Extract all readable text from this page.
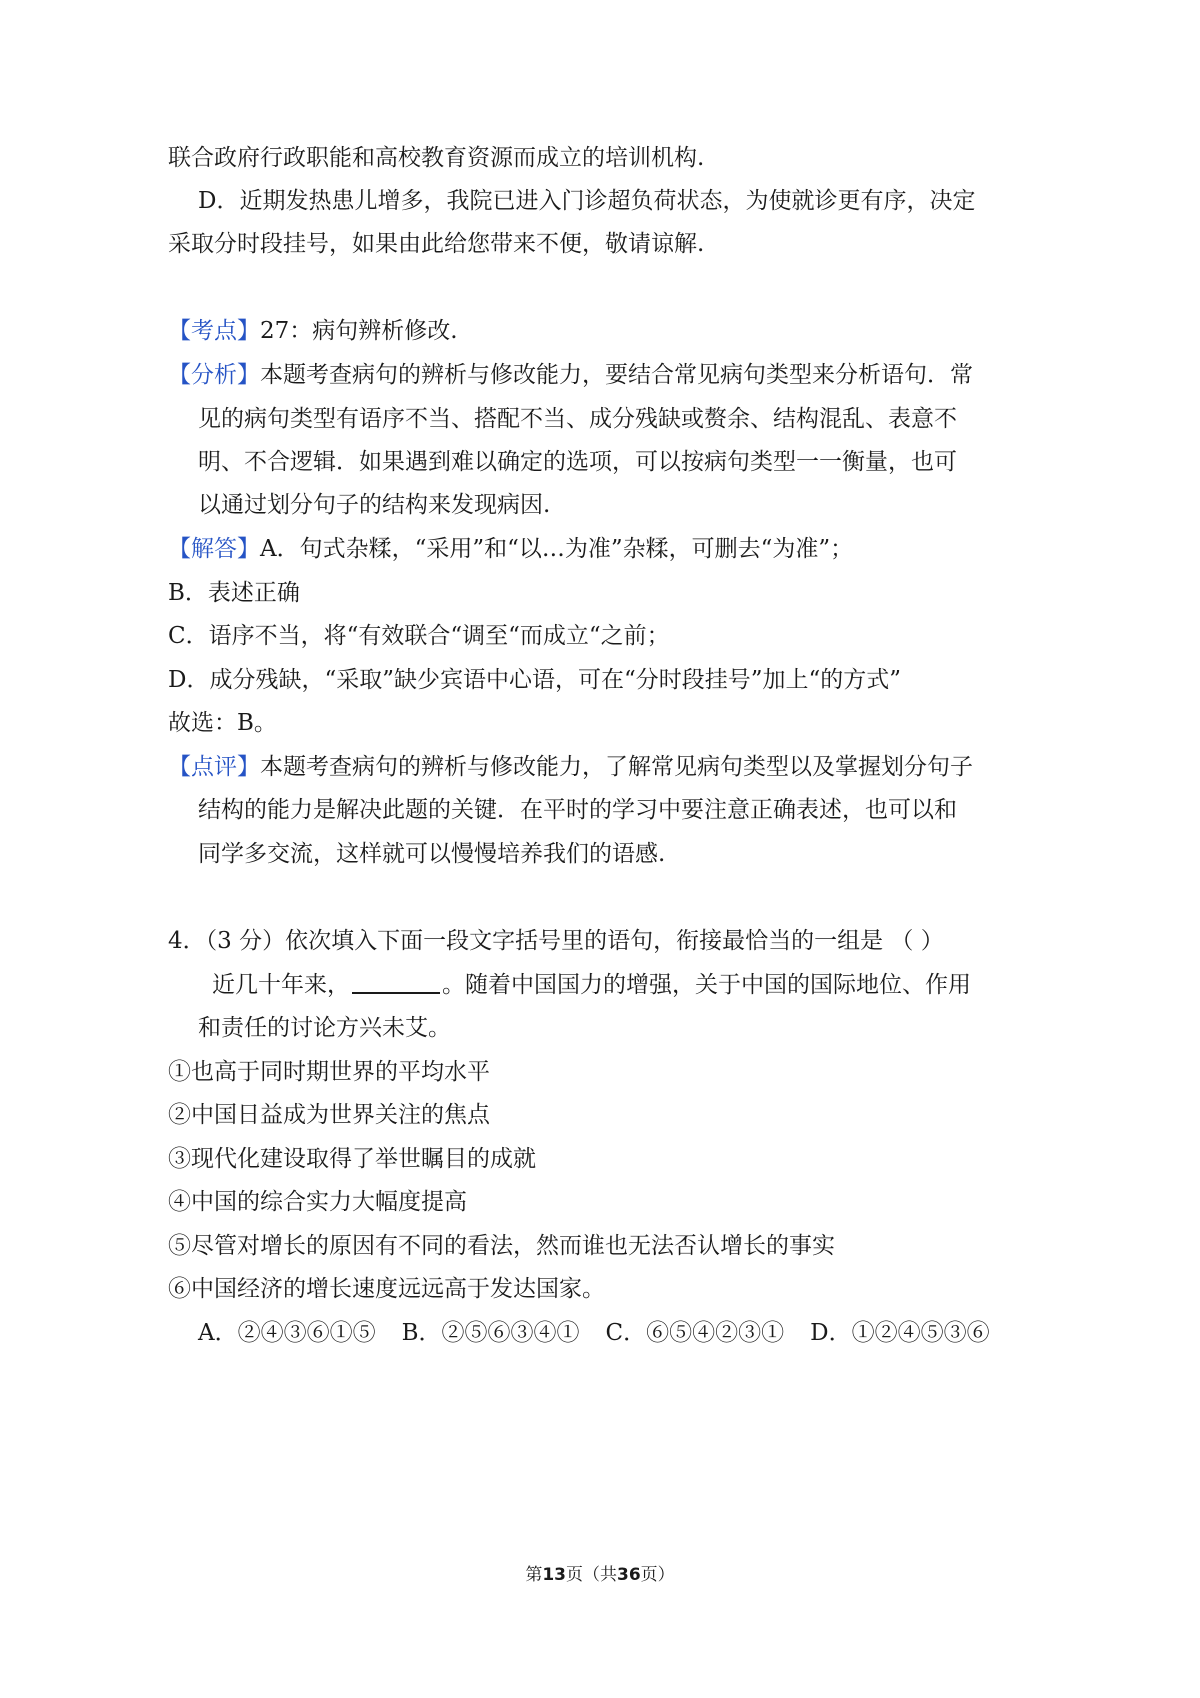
联合政府行政职能和高校教育资源而成立的培训机构.
D．近期发热患儿增多，我院已进入门诊超负荷状态，为使就诊更有序，决定
采取分时段挂号，如果由此给您带来不便，敬请谅解.
【考点】27：病句辨析修改.
【分析】本题考查病句的辨析与修改能力，要结合常见病句类型来分析语句．常
见的病句类型有语序不当、搭配不当、成分残缺或赘余、结构混乱、表意不
明、不合逻辑．如果遇到难以确定的选项，可以按病句类型一一衡量，也可
以通过划分句子的结构来发现病因.
【解答】A．句式杂糅，“采用”和“以…为准”杂糅，可删去“为准”；
B．表述正确
C．语序不当，将“有效联合“调至“而成立“之前；
D．成分残缺，“采取”缺少宾语中心语，可在“分时段挂号”加上“的方式”
故选：B。
【点评】本题考查病句的辨析与修改能力，了解常见病句类型以及掌握划分句子
结构的能力是解决此题的关键．在平时的学习中要注意正确表述，也可以和
同学多交流，这样就可以慢慢培养我们的语感.
4．（3 分）依次填入下面一段文字括号里的语句，衔接最恰当的一组是 （ ）
近几十年来，	。随着中国国力的增强，关于中国的国际地位、作用
和责任的讨论方兴未艾。
①也高于同时期世界的平均水平
②中国日益成为世界关注的焦点
③现代化建设取得了举世瞩目的成就
④中国的综合实力大幅度提高
⑤尽管对增长的原因有不同的看法，然而谁也无法否认增长的事实
⑥中国经济的增长速度远远高于发达国家。
A．②④③⑥①⑤ B．②⑤⑥③④① C．⑥⑤④②③① D．①②④⑤③⑥
第13页（共36页）
